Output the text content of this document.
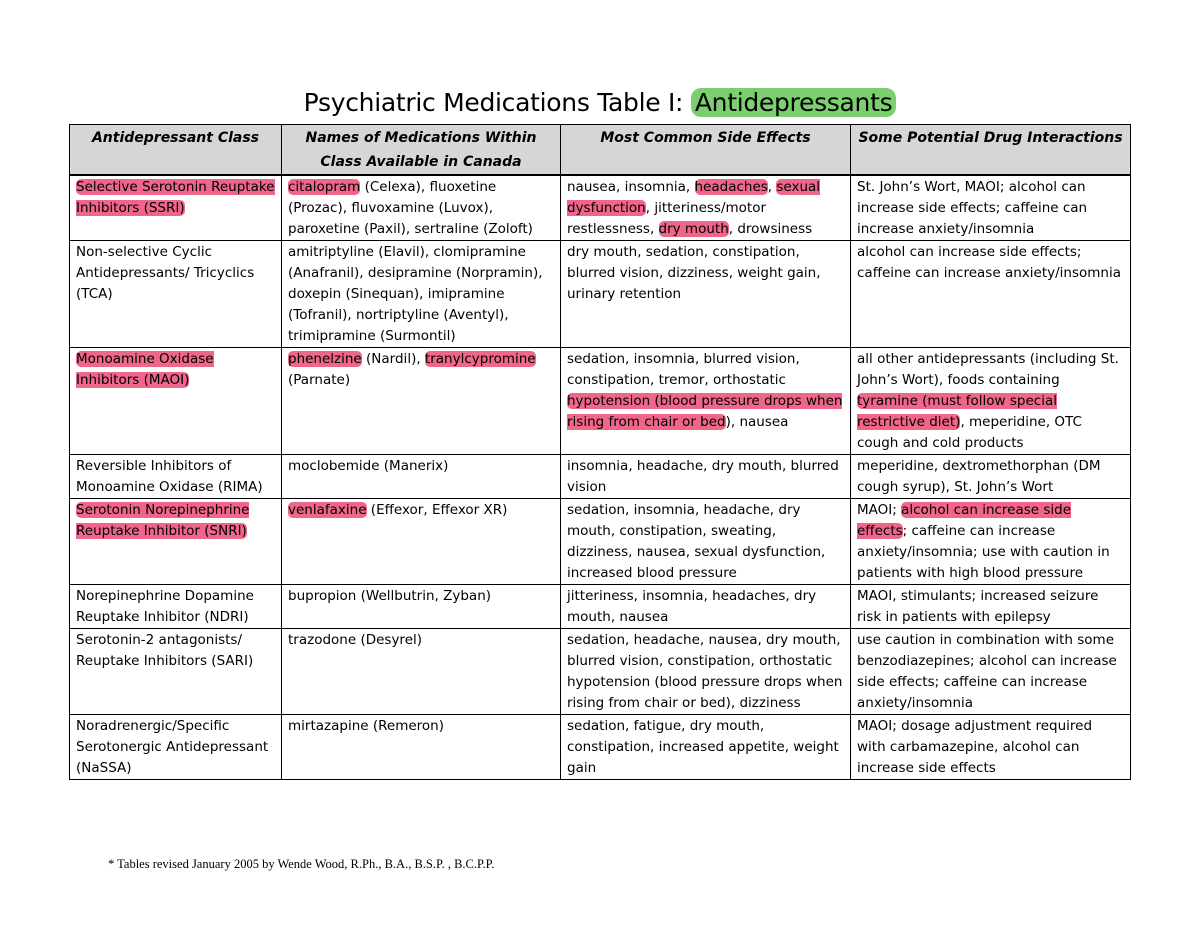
Psychiatric Medications Table I: Antidepressants
Antidepressant Class	Names of Medications Within Class Available in Canada	Most Common Side Effects	Some Potential Drug Interactions
Selective Serotonin Reuptake Inhibitors (SSRI)	citalopram (Celexa), fluoxetine (Prozac), fluvoxamine (Luvox), paroxetine (Paxil), sertraline (Zoloft)	nausea, insomnia, headaches, sexual dysfunction, jitteriness/motor restlessness, dry mouth, drowsiness	St. John’s Wort, MAOI; alcohol can increase side effects; caffeine can increase anxiety/insomnia
Non-selective Cyclic Antidepressants/ Tricyclics (TCA)	amitriptyline (Elavil), clomipramine (Anafranil), desipramine (Norpramin), doxepin (Sinequan), imipramine (Tofranil), nortriptyline (Aventyl), trimipramine (Surmontil)	dry mouth, sedation, constipation, blurred vision, dizziness, weight gain, urinary retention	alcohol can increase side effects; caffeine can increase anxiety/insomnia
Monoamine Oxidase Inhibitors (MAOI)	phenelzine (Nardil), tranylcypromine (Parnate)	sedation, insomnia, blurred vision, constipation, tremor, orthostatic hypotension (blood pressure drops when rising from chair or bed), nausea	all other antidepressants (including St. John’s Wort), foods containing tyramine (must follow special restrictive diet), meperidine, OTC cough and cold products
Reversible Inhibitors of Monoamine Oxidase (RIMA)	moclobemide (Manerix)	insomnia, headache, dry mouth, blurred vision	meperidine, dextromethorphan (DM cough syrup), St. John’s Wort
Serotonin Norepinephrine Reuptake Inhibitor (SNRI)	venlafaxine (Effexor, Effexor XR)	sedation, insomnia, headache, dry mouth, constipation, sweating, dizziness, nausea, sexual dysfunction, increased blood pressure	MAOI; alcohol can increase side effects; caffeine can increase anxiety/insomnia; use with caution in patients with high blood pressure
Norepinephrine Dopamine Reuptake Inhibitor (NDRI)	bupropion (Wellbutrin, Zyban)	jitteriness, insomnia, headaches, dry mouth, nausea	MAOI, stimulants; increased seizure risk in patients with epilepsy
Serotonin-2 antagonists/ Reuptake Inhibitors (SARI)	trazodone (Desyrel)	sedation, headache, nausea, dry mouth, blurred vision, constipation, orthostatic hypotension (blood pressure drops when rising from chair or bed), dizziness	use caution in combination with some benzodiazepines; alcohol can increase side effects; caffeine can increase anxiety/insomnia
Noradrenergic/Specific Serotonergic Antidepressant (NaSSA)	mirtazapine (Remeron)	sedation, fatigue, dry mouth, constipation, increased appetite, weight gain	MAOI; dosage adjustment required with carbamazepine, alcohol can increase side effects
* Tables revised January 2005 by Wende Wood, R.Ph., B.A., B.S.P. , B.C.P.P.
